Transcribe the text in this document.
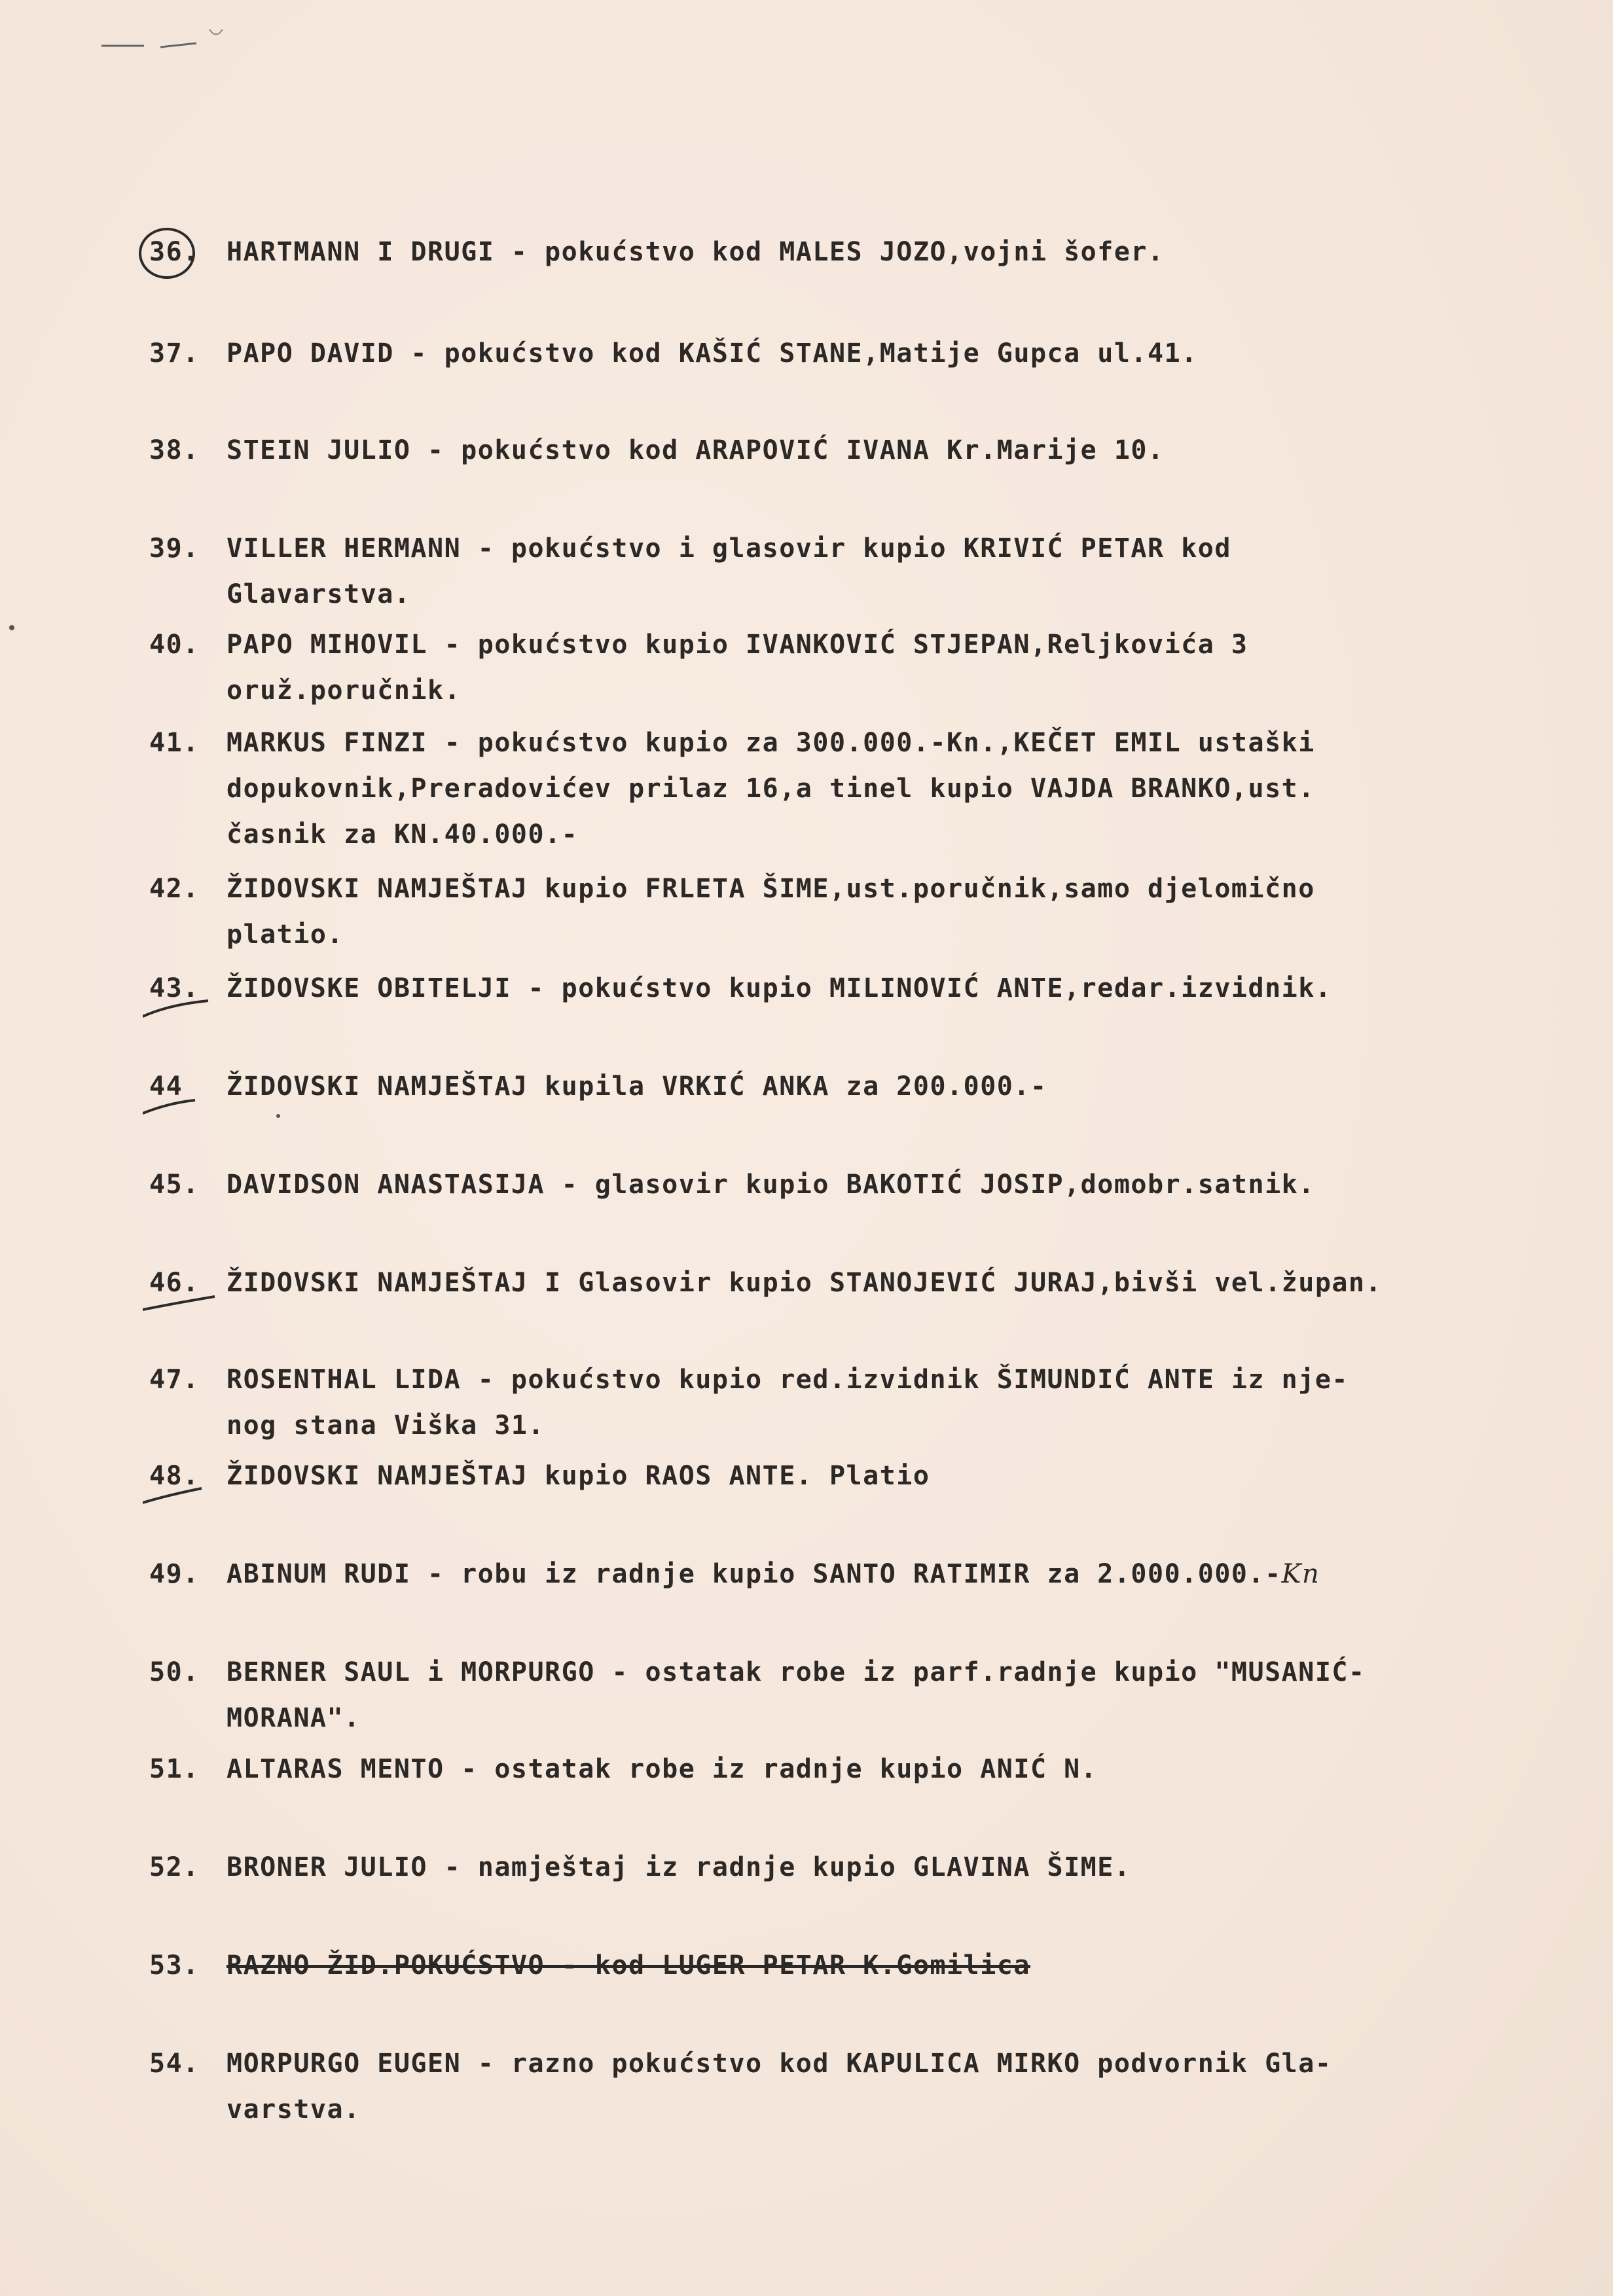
36. HARTMANN I DRUGI - pokućstvo kod MALES JOZO,vojni šofer.
37. PAPO DAVID - pokućstvo kod KAŠIĆ STANE,Matije Gupca ul.41.
38. STEIN JULIO - pokućstvo kod ARAPOVIĆ IVANA Kr.Marije 10.
39. VILLER HERMANN - pokućstvo i glasovir kupio KRIVIĆ PETAR kod
Glavarstva.
40. PAPO MIHOVIL - pokućstvo kupio IVANKOVIĆ STJEPAN,Reljkovića 3
oruž.poručnik.
41. MARKUS FINZI - pokućstvo kupio za 300.000.-Kn.,KEČET EMIL ustaški
dopukovnik,Preradovićev prilaz 16,a tinel kupio VAJDA BRANKO,ust.
časnik za KN.40.000.-
42. ŽIDOVSKI NAMJEŠTAJ kupio FRLETA ŠIME,ust.poručnik,samo djelomično
platio.
43. ŽIDOVSKE OBITELJI - pokućstvo kupio MILINOVIĆ ANTE,redar.izvidnik.
44 ŽIDOVSKI NAMJEŠTAJ kupila VRKIĆ ANKA za 200.000.-
45. DAVIDSON ANASTASIJA - glasovir kupio BAKOTIĆ JOSIP,domobr.satnik.
46. ŽIDOVSKI NAMJEŠTAJ I Glasovir kupio STANOJEVIĆ JURAJ,bivši vel.župan.
47. ROSENTHAL LIDA - pokućstvo kupio red.izvidnik ŠIMUNDIĆ ANTE iz nje-
nog stana Viška 31.
48. ŽIDOVSKI NAMJEŠTAJ kupio RAOS ANTE. Platio
49. ABINUM RUDI - robu iz radnje kupio SANTO RATIMIR za 2.000.000.-Kn
50. BERNER SAUL i MORPURGO - ostatak robe iz parf.radnje kupio "MUSANIĆ-
MORANA".
51. ALTARAS MENTO - ostatak robe iz radnje kupio ANIĆ N.
52. BRONER JULIO - namještaj iz radnje kupio GLAVINA ŠIME.
53. RAZNO ŽID.POKUĆSTVO - kod LUGER PETAR K.Gomilica
54. MORPURGO EUGEN - razno pokućstvo kod KAPULICA MIRKO podvornik Gla-
varstva.
